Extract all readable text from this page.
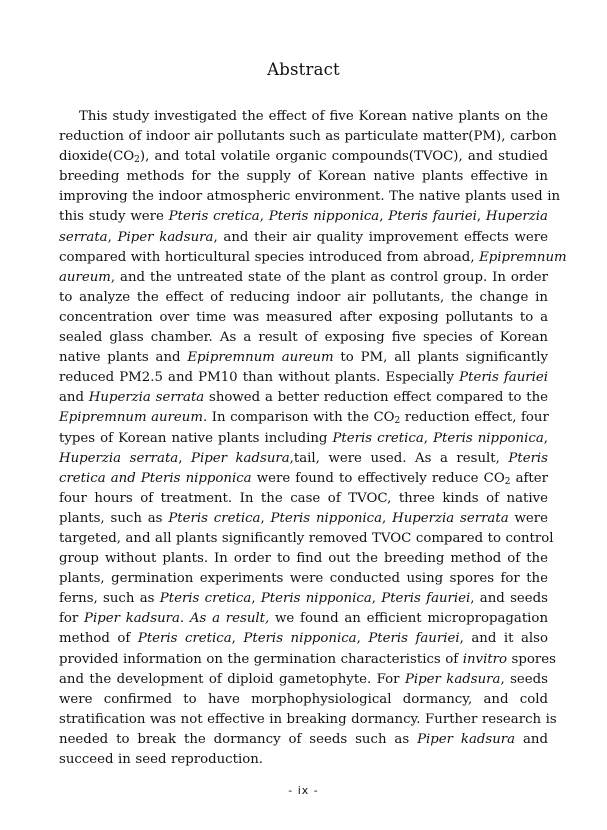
Abstract
This study investigated the effect of five Korean native plants on the
reduction of indoor air pollutants such as particulate matter(PM), carbon
$dioxide(CO_2)$, and total volatile organic compounds(TVOC), and studied
breeding methods for the supply of Korean native plants effective in
improving the indoor atmospheric environment. The native plants used in
this study were Pteris cretica, Pteris nipponica, Pteris fauriei, Huperzia
serrata, Piper kadsura, and their air quality improvement effects were
compared with horticultural species introduced from abroad, Epipremnum
aureum, and the untreated state of the plant as control group. In order
to analyze the effect of reducing indoor air pollutants, the change in
concentration over time was measured after exposing pollutants to a
sealed glass chamber. As a result of exposing five species of Korean
native plants and Epipremnum aureum to PM, all plants significantly
reduced PM2.5 and PM10 than without plants. Especially Pteris fauriei
and Huperzia serrata showed a better reduction effect compared to the
Epipremnum aureum. In comparison with the $CO_2$ reduction effect, four
types of Korean native plants including Pteris cretica, Pteris nipponica,
Huperzia serrata, Piper kadsura,tail, were used. As a result, Pteris
cretica and Pteris nipponica were found to effectively reduce $CO_2$ after
four hours of treatment. In the case of TVOC, three kinds of native
plants, such as Pteris cretica, Pteris nipponica, Huperzia serrata were
targeted, and all plants significantly removed TVOC compared to control
group without plants. In order to find out the breeding method of the
plants, germination experiments were conducted using spores for the
ferns, such as Pteris cretica, Pteris nipponica, Pteris fauriei, and seeds
for Piper kadsura. As a result, we found an efficient micropropagation
method of Pteris cretica, Pteris nipponica, Pteris fauriei, and it also
provided information on the germination characteristics of invitro spores
and the development of diploid gametophyte. For Piper kadsura, seeds
were confirmed to have morphophysiological dormancy, and cold
stratification was not effective in breaking dormancy. Further research is
needed to break the dormancy of seeds such as Piper kadsura and
succeed in seed reproduction.
- ix -
